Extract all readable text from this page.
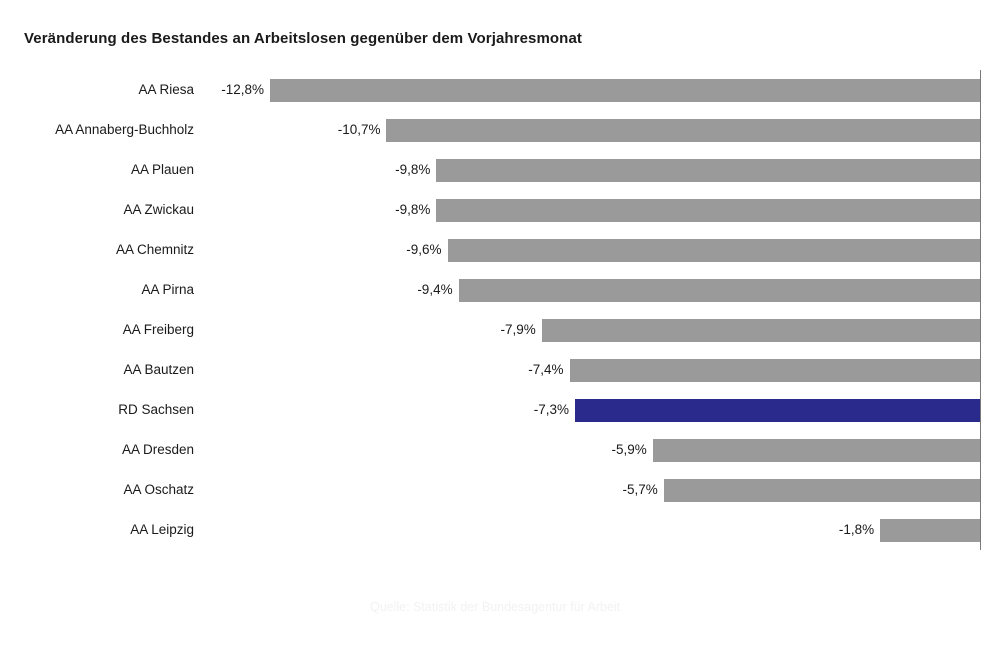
Veränderung des Bestandes an Arbeitslosen gegenüber dem Vorjahresmonat
AA Riesa -12,8%
AA Annaberg-Buchholz	-10,7%
AA Plauen	-9,8%
AA Zwickau	-9,8%
AA Chemnitz	-9,6%
AA Pirna	-9,4%
AA Freiberg	-7,9%
AA Bautzen	-7,4%
RD Sachsen	-7,3%
AA Dresden	-5,9%
AA Oschatz	-5,7%
AA Leipzig	-1,8%
Quelle: Statistik der Bundesagentur für Arbeit
